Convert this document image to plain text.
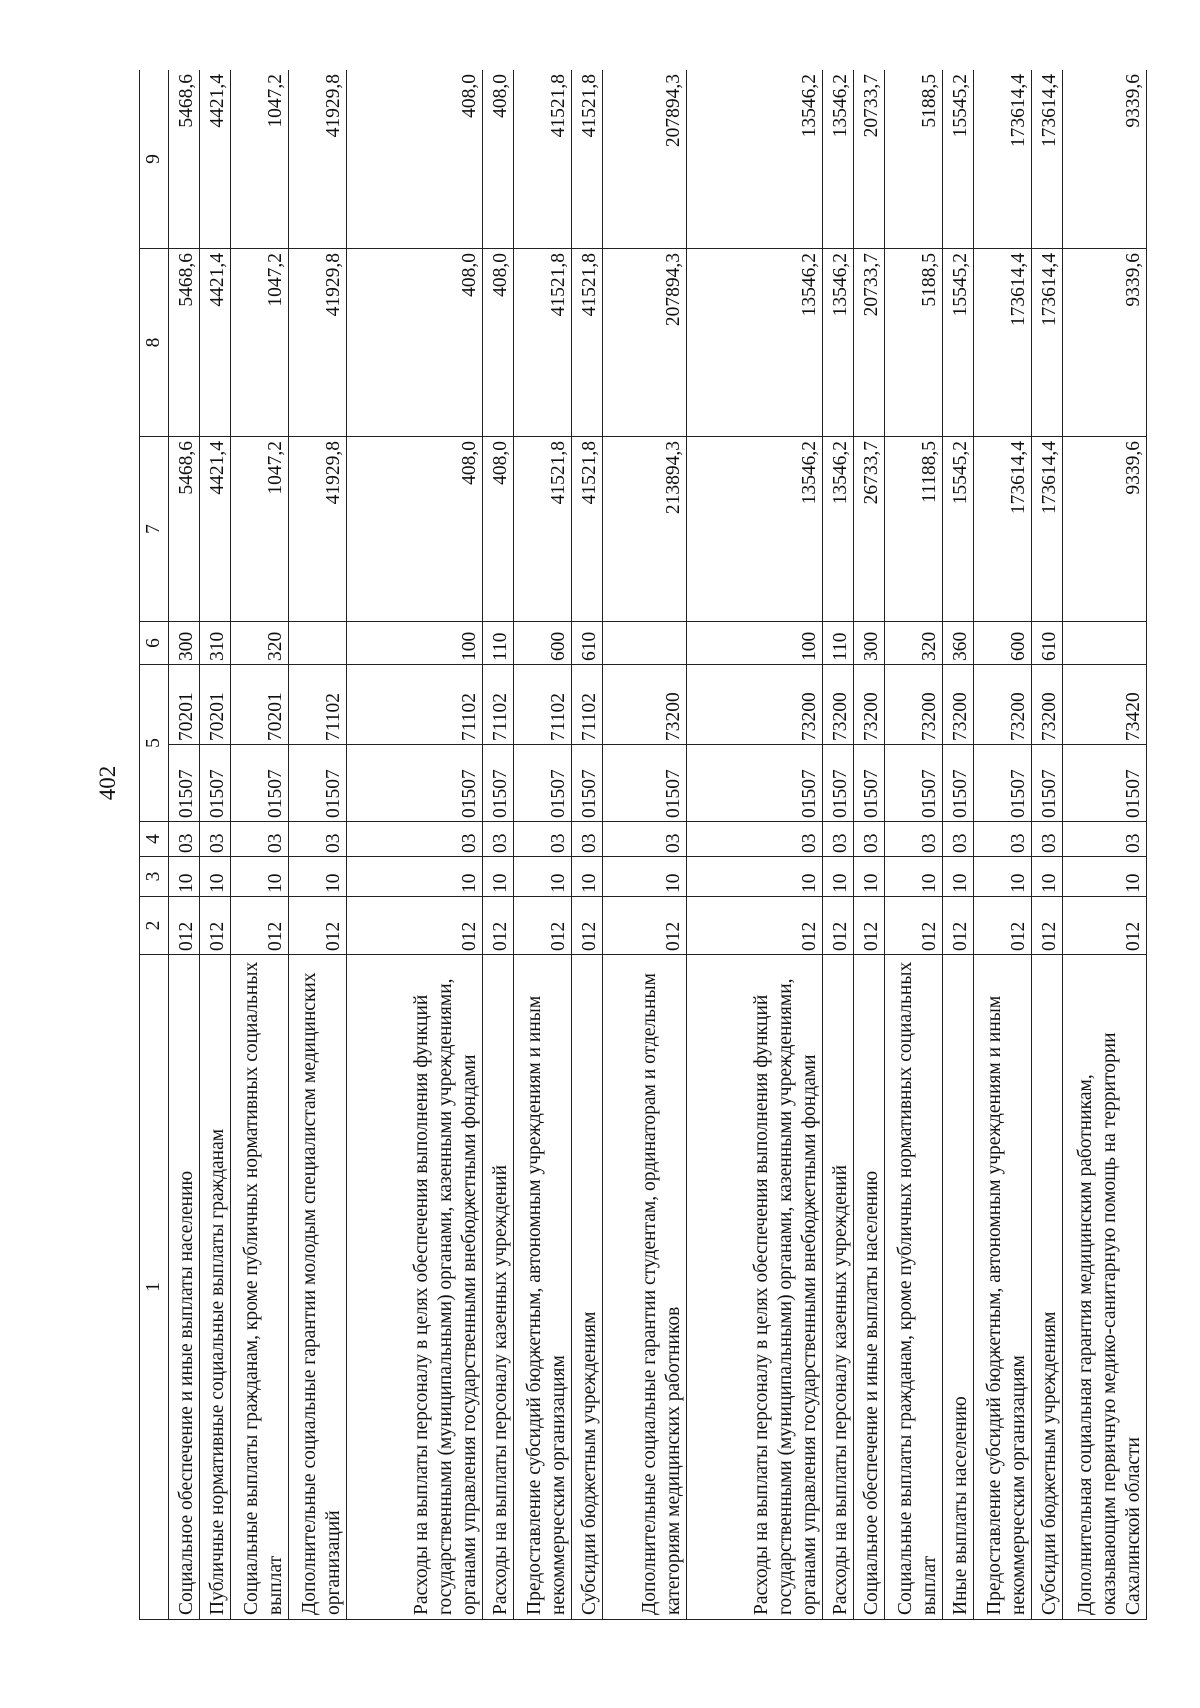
402
1	2	3	4	5		6	7	8	9
Социальное обеспечение и иные выплаты населению	012	10	03	01507	70201	300	5468,6	5468,6	5468,6
Публичные нормативные социальные выплаты гражданам	012	10	03	01507	70201	310	4421,4	4421,4	4421,4
Социальные выплаты гражданам, кроме публичных нормативных социальных выплат	012	10	03	01507	70201	320	1047,2	1047,2	1047,2
Дополнительные социальные гарантии молодым специалистам медицинских организаций	012	10	03	01507	71102		41929,8	41929,8	41929,8
Расходы на выплаты персоналу в целях обеспечения выполнения функций государственными (муниципальными) органами, казенными учреждениями, органами управления государственными внебюджетными фондами	012	10	03	01507	71102	100	408,0	408,0	408,0
Расходы на выплаты персоналу казенных учреждений	012	10	03	01507	71102	110	408,0	408,0	408,0
Предоставление субсидий бюджетным, автономным учреждениям и иным некоммерческим организациям	012	10	03	01507	71102	600	41521,8	41521,8	41521,8
Субсидии бюджетным учреждениям	012	10	03	01507	71102	610	41521,8	41521,8	41521,8
Дополнительные социальные гарантии студентам, ординаторам и отдельным категориям медицинских работников	012	10	03	01507	73200		213894,3	207894,3	207894,3
Расходы на выплаты персоналу в целях обеспечения выполнения функций государственными (муниципальными) органами, казенными учреждениями, органами управления государственными внебюджетными фондами	012	10	03	01507	73200	100	13546,2	13546,2	13546,2
Расходы на выплаты персоналу казенных учреждений	012	10	03	01507	73200	110	13546,2	13546,2	13546,2
Социальное обеспечение и иные выплаты населению	012	10	03	01507	73200	300	26733,7	20733,7	20733,7
Социальные выплаты гражданам, кроме публичных нормативных социальных выплат	012	10	03	01507	73200	320	11188,5	5188,5	5188,5
Иные выплаты населению	012	10	03	01507	73200	360	15545,2	15545,2	15545,2
Предоставление субсидий бюджетным, автономным учреждениям и иным некоммерческим организациям	012	10	03	01507	73200	600	173614,4	173614,4	173614,4
Субсидии бюджетным учреждениям	012	10	03	01507	73200	610	173614,4	173614,4	173614,4
Дополнительная социальная гарантия медицинским работникам, оказывающим первичную медико-санитарную помощь на территории Сахалинской области	012	10	03	01507	73420		9339,6	9339,6	9339,6
